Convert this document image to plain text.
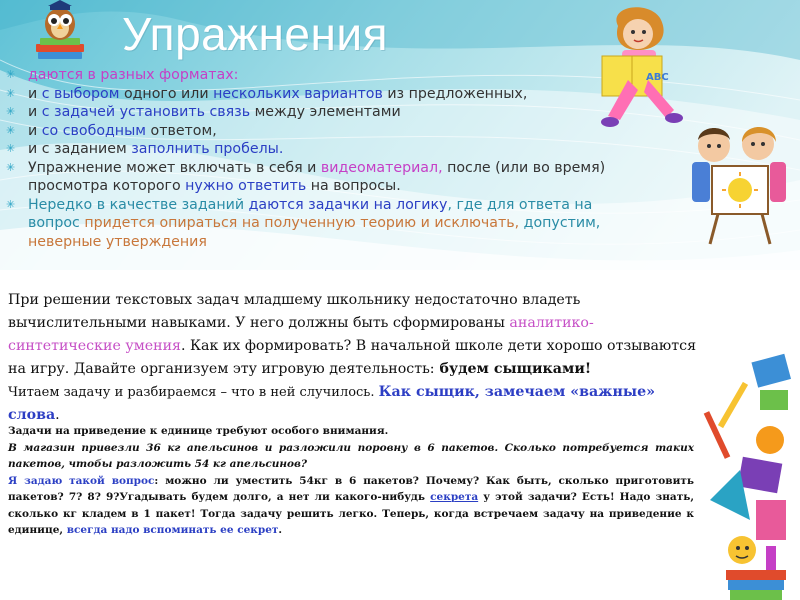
Упражнения
ABC
✳ даются в разных форматах:
✳ и с выбором одного или нескольких вариантов из предложенных,
✳ и с задачей установить связь между элементами
✳ и со свободным ответом,
✳ и с заданием заполнить пробелы.
✳ Упражнение может включать в себя и видеоматериал, после (или во время) просмотра которого нужно ответить на вопросы.
✳ Нередко в качестве заданий даются задачки на логику, где для ответа на вопрос придется опираться на полученную теорию и исключать, допустим, неверные утверждения
При решении текстовых задач младшему школьнику недостаточно владеть вычислительными навыками. У него должны быть сформированы аналитико-синтетические умения. Как их формировать? В начальной школе дети хорошо отзываются на игру. Давайте организуем эту игровую деятельность: будем сыщиками!
Читаем задачу и разбираемся – что в ней случилось. Как сыщик, замечаем «важные» слова.
Задачи на приведение к единице требуют особого внимания.
В магазин привезли 36 кг апельсинов и разложили поровну в 6 пакетов. Сколько потребуется таких пакетов, чтобы разложить 54 кг апельсинов?
Я задаю такой вопрос: можно ли уместить 54кг в 6 пакетов? Почему? Как быть, сколько приготовить пакетов? 7? 8? 9?Угадывать будем долго, а нет ли какого-нибудь секрета у этой задачи? Есть! Надо знать, сколько кг кладем в 1 пакет! Тогда задачу решить легко. Теперь, когда встречаем задачу на приведение к единице, всегда надо вспоминать ее секрет.
